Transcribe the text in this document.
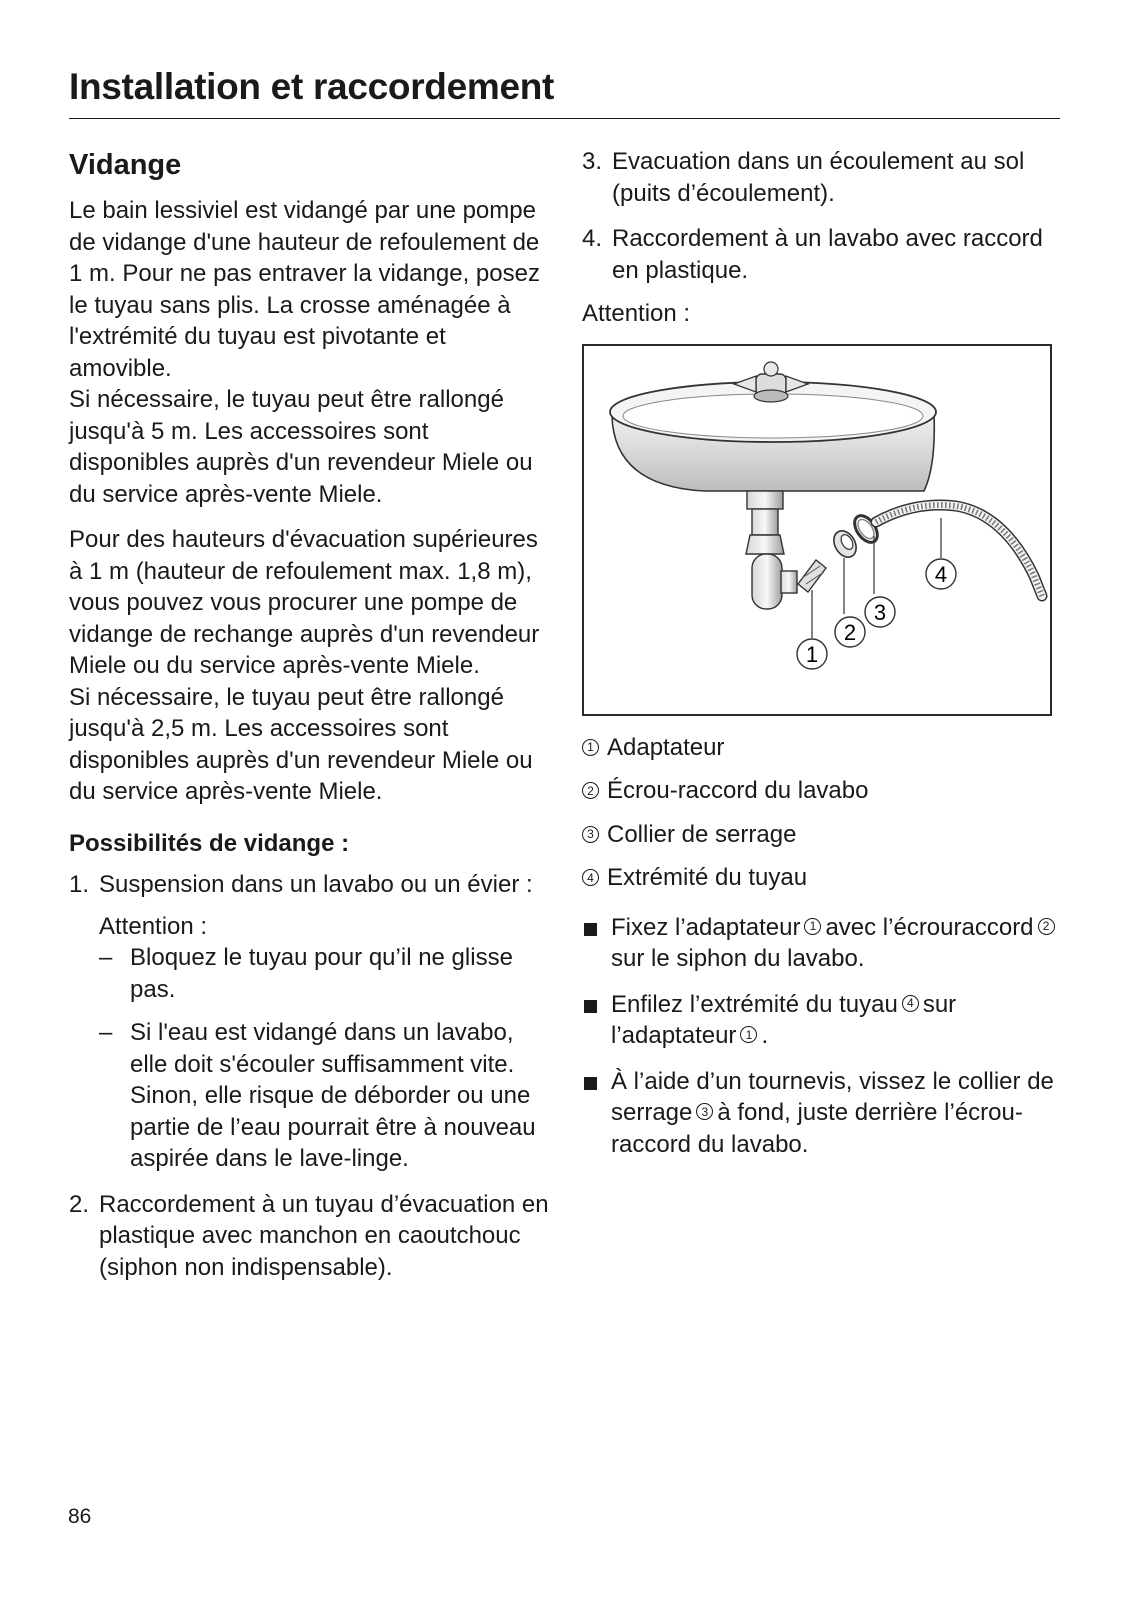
Installation et raccordement
Vidange

Le bain lessiviel est vidangé par une pompe de vidange d'une hauteur de refoulement de 1 m. Pour ne pas entraver la vidange, posez le tuyau sans plis. La crosse aménagée à l'extrémité du tuyau est pivotante et amovible.

Si nécessaire, le tuyau peut être rallongé jusqu'à 5 m. Les accessoires sont disponibles auprès d'un revendeur Miele ou du service après-vente Miele.

Pour des hauteurs d'évacuation supérieures à 1 m (hauteur de refoulement max. 1,8 m), vous pouvez vous procurer une pompe de vidange de rechange auprès d'un revendeur Miele ou du service après-vente Miele.

Si nécessaire, le tuyau peut être rallongé jusqu'à 2,5 m. Les accessoires sont disponibles auprès d'un revendeur Miele ou du service après-vente Miele.

Possibilités de vidange :
1. Suspension dans un lavabo ou un évier :

Attention :

– Bloquez le tuyau pour qu’il ne glisse pas.
– Si l'eau est vidangé dans un lavabo, elle doit s'écouler suffisamment vite. Sinon, elle risque de déborder ou une partie de l’eau pourrait être à nouveau aspirée dans le lave-linge.
2. Raccordement à un tuyau d’évacuation en plastique avec manchon en caoutchouc (siphon non indispensable).
3. Evacuation dans un écoulement au sol (puits d’écoulement).
4. Raccordement à un lavabo avec raccord en plastique.

Attention :

1
2
3
4
1 Adaptateur
2 Écrou-raccord du lavabo
3 Collier de serrage
4 Extrémité du tuyau
Fixez l’adaptateur 1 avec l’écrouraccord 2sur le siphon du lavabo.
Enfilez l’extrémité du tuyau 4 sur l’adaptateur 1 .
À l’aide d’un tournevis, vissez le collier de serrage 3 à fond, juste derrière l’écrou-raccord du lavabo.
86
